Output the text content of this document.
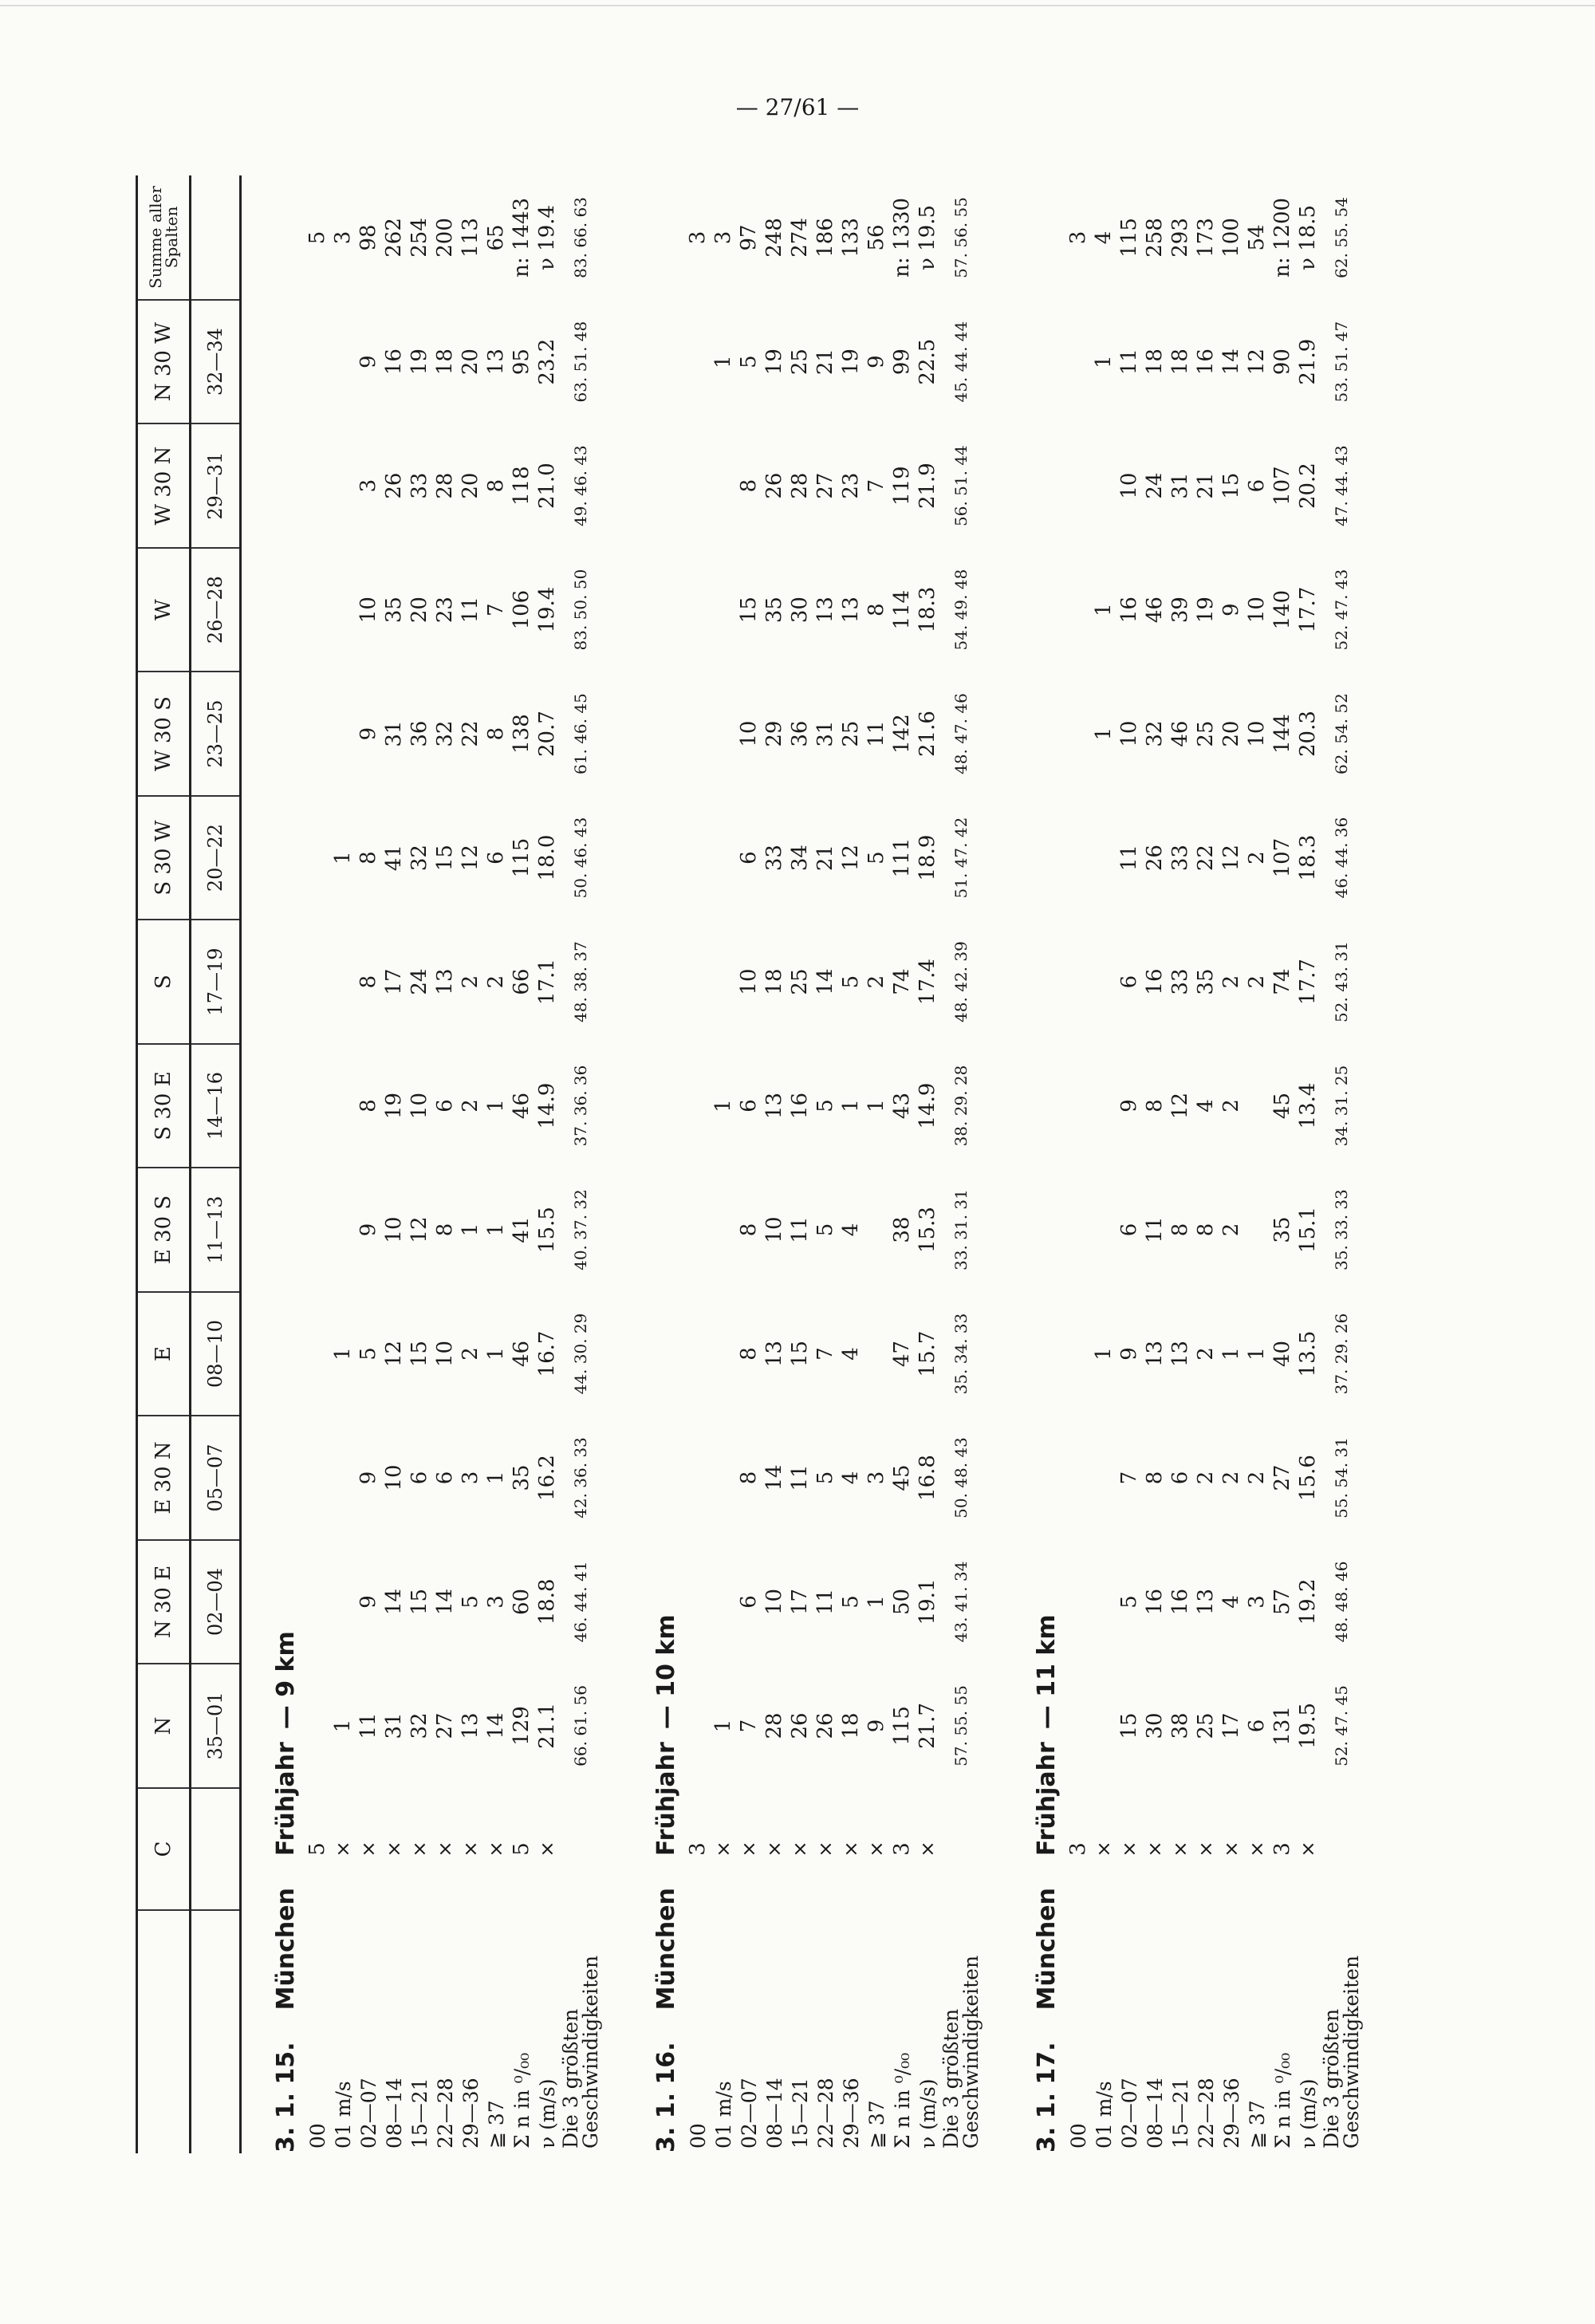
— 27/61 —
	C	N	N 30 E	E 30 N	E	E 30 S	S 30 E	S	S 30 W	W 30 S	W	W 30 N	N 30 W	Summe aller Spalten
		35—01	02—04	05—07	08—10	11—13	14—16	17—19	20—22	23—25	26—28	29—31	32—34	
3. 1. 15.MünchenFrühjahr— 9 km														
00	5													5
01 m/s	×	1			1				1					3
02—07	×	11	9	9	5	9	8	8	8	9	10	3	9	98
08—14	×	31	14	10	12	10	19	17	41	31	35	26	16	262
15—21	×	32	15	6	15	12	10	24	32	36	20	33	19	254
22—28	×	27	14	6	10	8	6	13	15	32	23	28	18	200
29—36	×	13	5	3	2	1	2	2	12	22	11	20	20	113
≧ 37	×	14	3	1	1	1	1	2	6	8	7	8	13	65
Σ n in ⁰/₀₀	5	129	60	35	46	41	46	66	115	138	106	118	95	n: 1443
ν (m/s)	×	21.1	18.8	16.2	16.7	15.5	14.9	17.1	18.0	20.7	19.4	21.0	23.2	ν 19.4

Die 3 größten
Geschwindigkeiten		66. 61. 56	46. 44. 41	42. 36. 33	44. 30. 29	40. 37. 32	37. 36. 36	48. 38. 37	50. 46. 43	61. 46. 45	83. 50. 50	49. 46. 43	63. 51. 48	83. 66. 63

3. 1. 16.MünchenFrühjahr— 10 km														
00	3													3
01 m/s	×	1					1						1	3
02—07	×	7	6	8	8	8	6	10	6	10	15	8	5	97
08—14	×	28	10	14	13	10	13	18	33	29	35	26	19	248
15—21	×	26	17	11	15	11	16	25	34	36	30	28	25	274
22—28	×	26	11	5	7	5	5	14	21	31	13	27	21	186
29—36	×	18	5	4	4	4	1	5	12	25	13	23	19	133
≧ 37	×	9	1	3			1	2	5	11	8	7	9	56
Σ n in ⁰/₀₀	3	115	50	45	47	38	43	74	111	142	114	119	99	n: 1330
ν (m/s)	×	21.7	19.1	16.8	15.7	15.3	14.9	17.4	18.9	21.6	18.3	21.9	22.5	ν 19.5

Die 3 größten
Geschwindigkeiten		57. 55. 55	43. 41. 34	50. 48. 43	35. 34. 33	33. 31. 31	38. 29. 28	48. 42. 39	51. 47. 42	48. 47. 46	54. 49. 48	56. 51. 44	45. 44. 44	57. 56. 55

3. 1. 17.MünchenFrühjahr— 11 km														
00	3													3
01 m/s	×				1					1	1		1	4
02—07	×	15	5	7	9	6	9	6	11	10	16	10	11	115
08—14	×	30	16	8	13	11	8	16	26	32	46	24	18	258
15—21	×	38	16	6	13	8	12	33	33	46	39	31	18	293
22—28	×	25	13	2	2	8	4	35	22	25	19	21	16	173
29—36	×	17	4	2	1	2	2	2	12	20	9	15	14	100
≧ 37	×	6	3	2	1			2	2	10	10	6	12	54
Σ n in ⁰/₀₀	3	131	57	27	40	35	45	74	107	144	140	107	90	n: 1200
ν (m/s)	×	19.5	19.2	15.6	13.5	15.1	13.4	17.7	18.3	20.3	17.7	20.2	21.9	ν 18.5

Die 3 größten
Geschwindigkeiten		52. 47. 45	48. 48. 46	55. 54. 31	37. 29. 26	35. 33. 33	34. 31. 25	52. 43. 31	46. 44. 36	62. 54. 52	52. 47. 43	47. 44. 43	53. 51. 47	62. 55. 54
